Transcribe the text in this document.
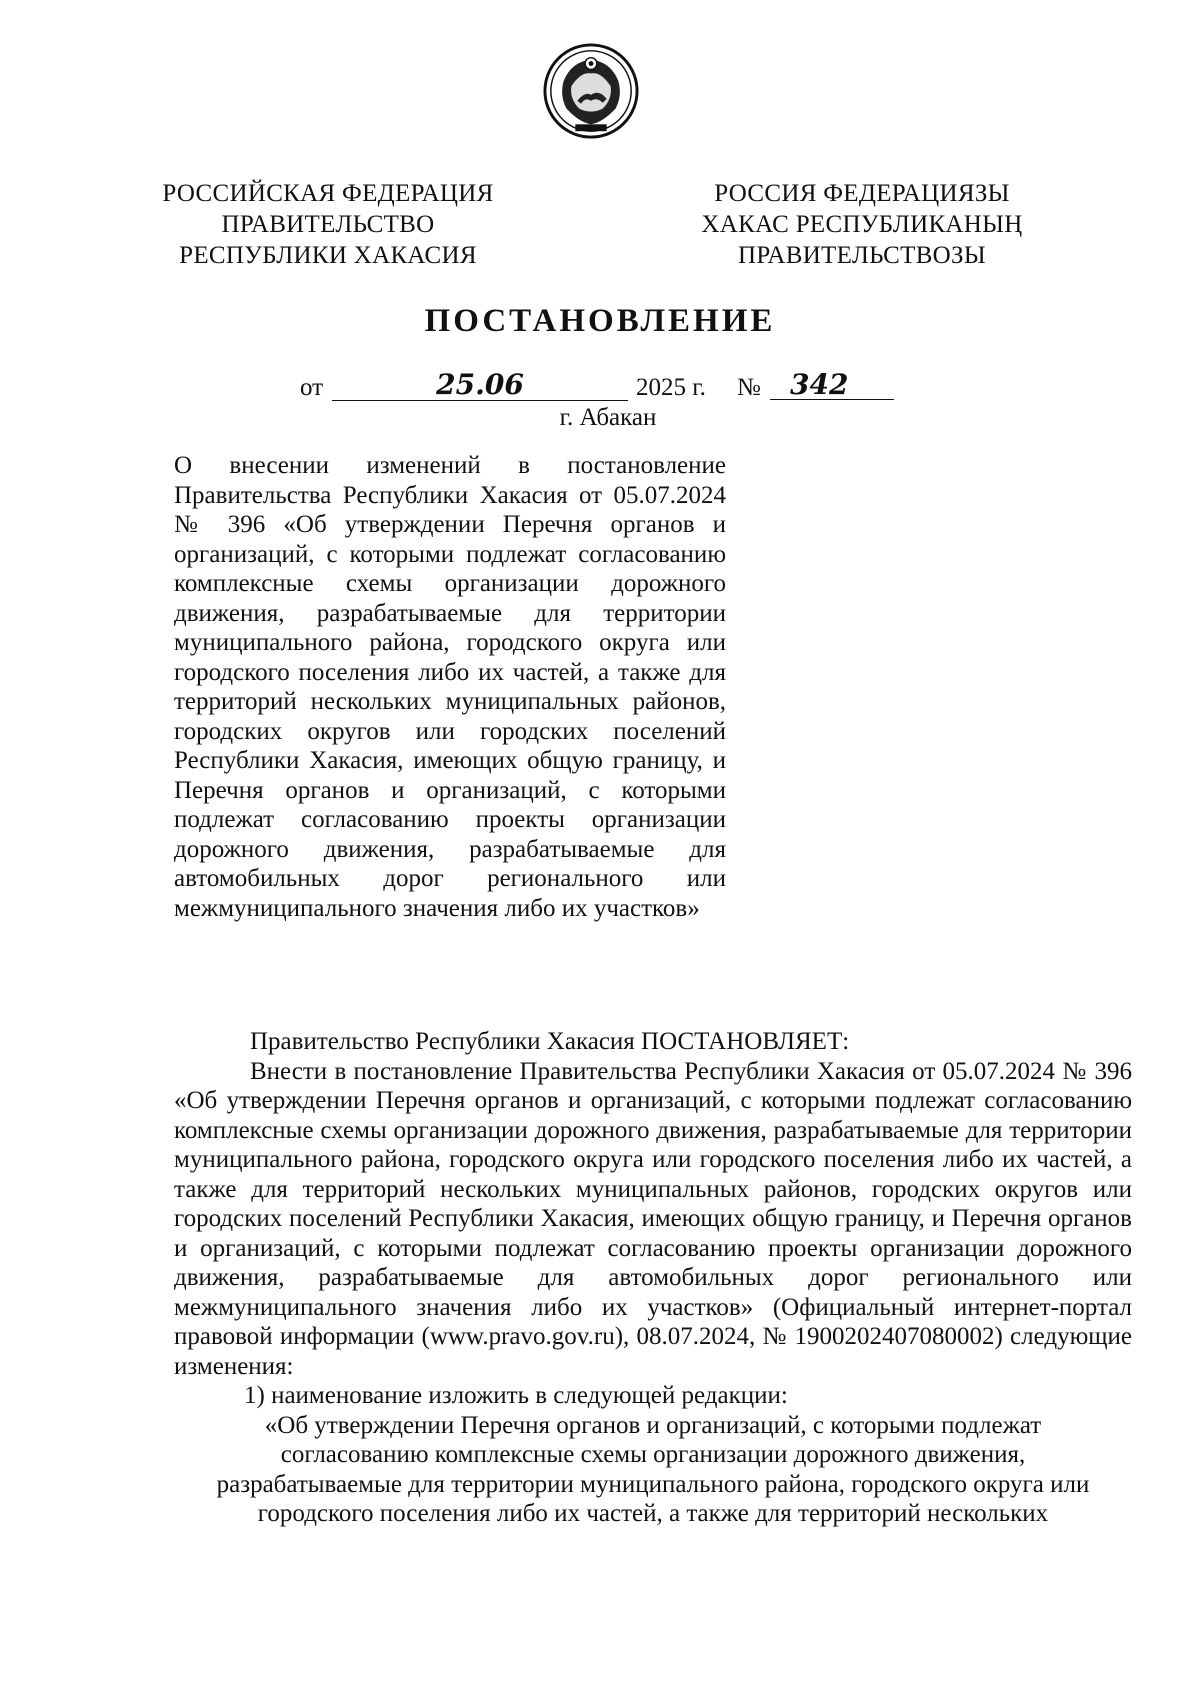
РОССИЙСКАЯ ФЕДЕРАЦИЯ
ПРАВИТЕЛЬСТВО
РЕСПУБЛИКИ ХАКАСИЯ
РОССИЯ ФЕДЕРАЦИЯЗЫ
ХАКАС РЕСПУБЛИКАНЫҢ
ПРАВИТЕЛЬСТВОЗЫ
ПОСТАНОВЛЕНИЕ
от	25.06	2025 г. №	342
г. Абакан
О внесении изменений в постановление Правительства Республики Хакасия от 05.07.2024 № 396 «Об утверждении Перечня органов и организаций, с которыми подлежат согласованию комплексные схемы организации дорожного движения, разрабатываемые для территории муниципального района, городского округа или городского поселения либо их частей, а также для территорий нескольких муниципальных районов, городских округов или городских поселений Республики Хакасия, имеющих общую границу, и Перечня органов и организаций, с которыми подлежат согласованию проекты организации дорожного движения, разрабатываемые для автомобильных дорог регионального или межмуниципального значения либо их участков»

Правительство Республики Хакасия ПОСТАНОВЛЯЕТ:

Внести в постановление Правительства Республики Хакасия от 05.07.2024 № 396 «Об утверждении Перечня органов и организаций, с которыми подлежат согласованию комплексные схемы организации дорожного движения, разрабатываемые для территории муниципального района, городского округа или городского поселения либо их частей, а также для территорий нескольких муниципальных районов, городских округов или городских поселений Республики Хакасия, имеющих общую границу, и Перечня органов и организаций, с которыми подлежат согласованию проекты организации дорожного движения, разрабатываемые для автомобильных дорог регионального или межмуниципального значения либо их участков» (Официальный интернет-портал правовой информации (www.pravo.gov.ru), 08.07.2024, № 1900202407080002) следующие изменения:

1) наименование изложить в следующей редакции:

«Об утверждении Перечня органов и организаций, с которыми подлежат

согласованию комплексные схемы организации дорожного движения,

разрабатываемые для территории муниципального района, городского округа или

городского поселения либо их частей, а также для территорий нескольких
